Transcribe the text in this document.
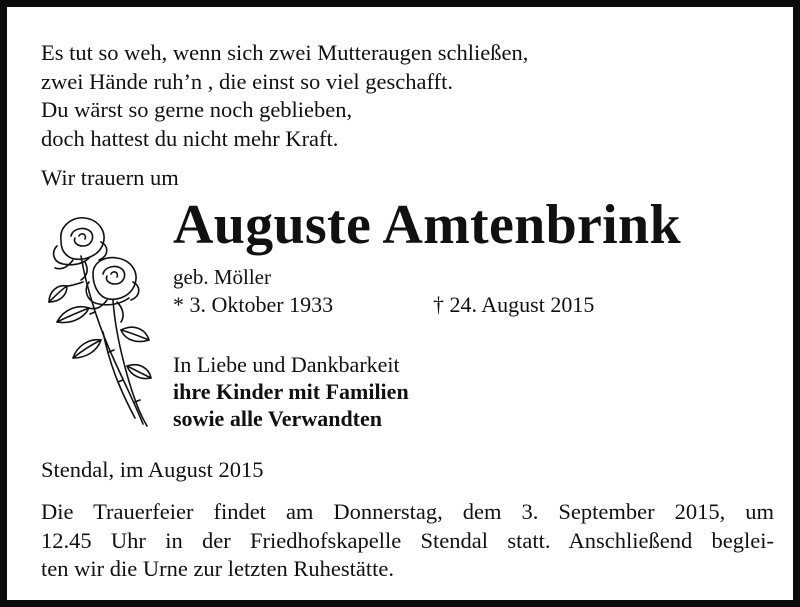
Es tut so weh, wenn sich zwei Mutteraugen schließen,
zwei Hände ruh’n , die einst so viel geschafft.
Du wärst so gerne noch geblieben,
doch hattest du nicht mehr Kraft.
Wir trauern um
Auguste Amtenbrink
geb. Möller
* 3. Oktober 1933	† 24. August 2015
In Liebe und Dankbarkeit
ihre Kinder mit Familien
sowie alle Verwandten
Stendal, im August 2015
Die Trauerfeier findet am Donnerstag, dem 3. September 2015, um
12.45 Uhr in der Friedhofskapelle Stendal statt. Anschließend beglei-
ten wir die Urne zur letzten Ruhestätte.
